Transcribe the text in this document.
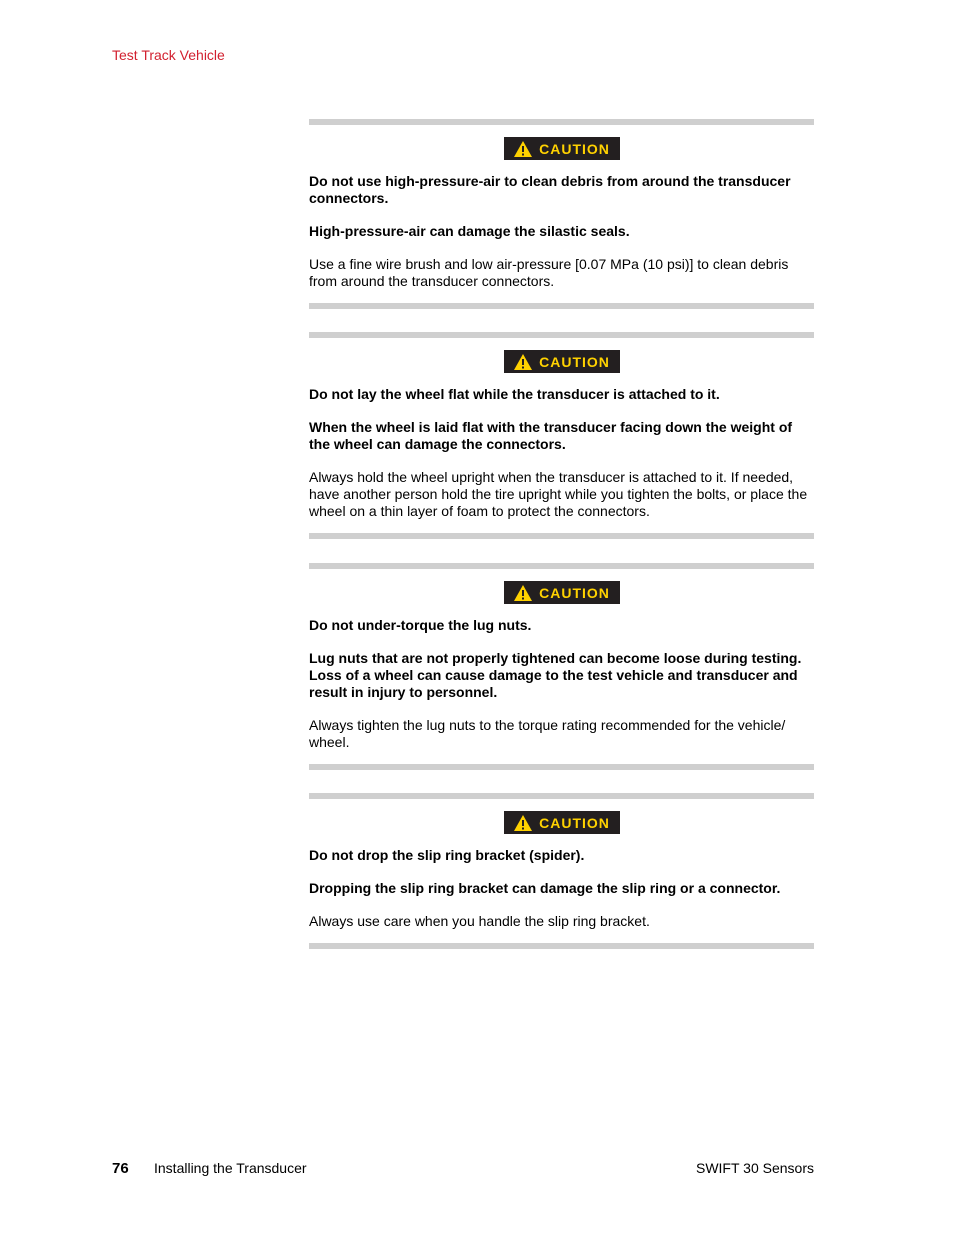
Test Track Vehicle
CAUTION

Do not use high-pressure-air to clean debris from around the transducer connectors.

High-pressure-air can damage the silastic seals.

Use a fine wire brush and low air-pressure [0.07 MPa (10 psi)] to clean debris from around the transducer connectors.

CAUTION

Do not lay the wheel flat while the transducer is attached to it.

When the wheel is laid flat with the transducer facing down the weight of the wheel can damage the connectors.

Always hold the wheel upright when the transducer is attached to it. If needed, have another person hold the tire upright while you tighten the bolts, or place the wheel on a thin layer of foam to protect the connectors.

CAUTION

Do not under-torque the lug nuts.

Lug nuts that are not properly tightened can become loose during testing. Loss of a wheel can cause damage to the test vehicle and transducer and result in injury to personnel.

Always tighten the lug nuts to the torque rating recommended for the vehicle/ wheel.

CAUTION

Do not drop the slip ring bracket (spider).

Dropping the slip ring bracket can damage the slip ring or a connector.

Always use care when you handle the slip ring bracket.

76 Installing the Transducer	SWIFT 30 Sensors
